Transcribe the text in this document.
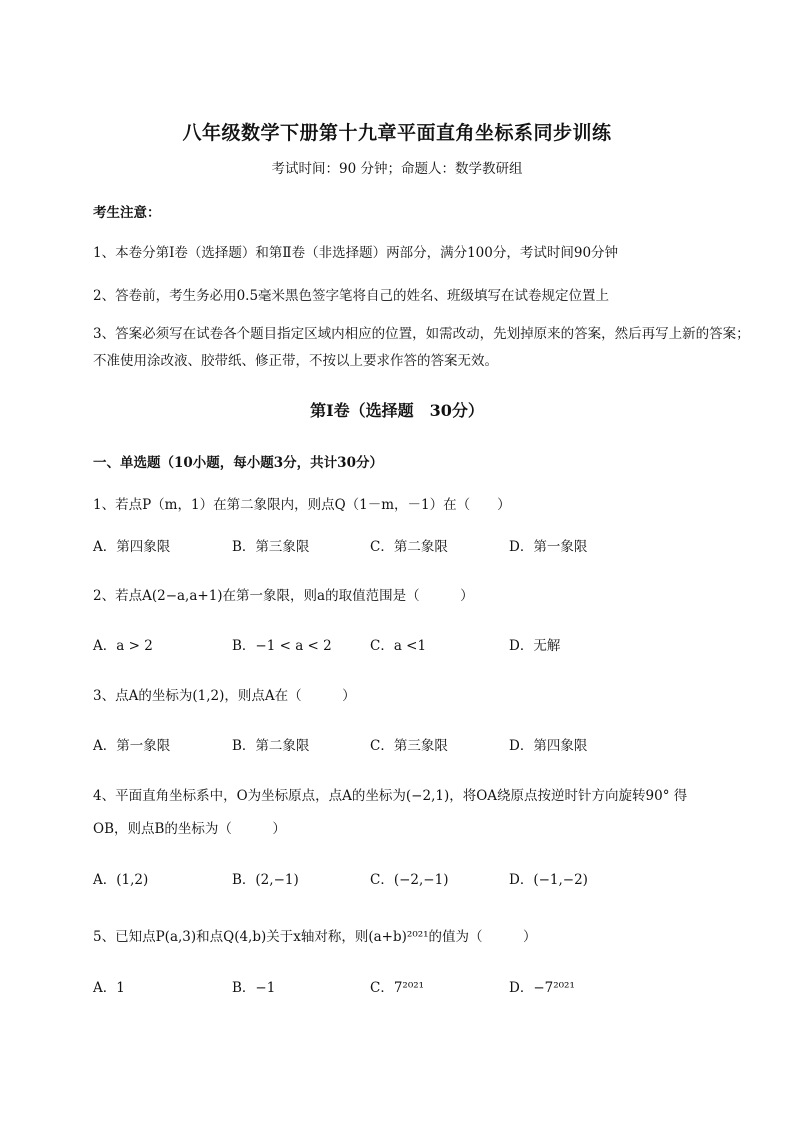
八年级数学下册第十九章平面直角坐标系同步训练
考试时间：90 分钟；命题人：数学教研组
考生注意：
1、本卷分第Ⅰ卷（选择题）和第Ⅱ卷（非选择题）两部分，满分100分，考试时间90分钟
2、答卷前，考生务必用0.5毫米黑色签字笔将自己的姓名、班级填写在试卷规定位置上
3、答案必须写在试卷各个题目指定区域内相应的位置，如需改动，先划掉原来的答案，然后再写上新的答案；不准使用涂改液、胶带纸、修正带，不按以上要求作答的答案无效。
第Ⅰ卷（选择题　30分）
一、单选题（10小题，每小题3分，共计30分）
1、若点P（m，1）在第二象限内，则点Q（1－m，－1）在（　　）
A．第四象限	B．第三象限	C．第二象限	D．第一象限
2、若点A(2−a,a+1)在第一象限，则a的取值范围是（　　　）
A．a > 2	B．−1 < a < 2	C．a <1	D．无解
3、点A的坐标为(1,2)，则点A在（　　　）
A．第一象限	B．第二象限	C．第三象限	D．第四象限
4、平面直角坐标系中，O为坐标原点，点A的坐标为(−2,1)，将OA绕原点按逆时针方向旋转90° 得
OB，则点B的坐标为（　　　）
A．(1,2)	B．(2,−1)	C．(−2,−1)	D．(−1,−2)
5、已知点P(a,3)和点Q(4,b)关于x轴对称，则(a+b)²⁰²¹的值为（　　　）
A．1	B．−1	C．7²⁰²¹	D．−7²⁰²¹
